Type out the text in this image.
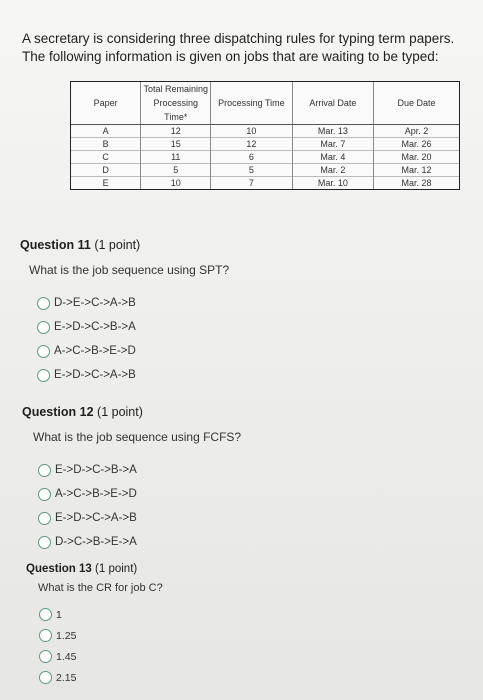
A secretary is considering three dispatching rules for typing term papers. The following information is given on jobs that are waiting to be typed:
Paper	Total Remaining Processing Time*	Processing Time	Arrival Date	Due Date
A	12	10	Mar. 13	Apr. 2
B	15	12	Mar. 7	Mar. 26
C	11	6	Mar. 4	Mar. 20
D	5	5	Mar. 2	Mar. 12
E	10	7	Mar. 10	Mar. 28
Question 11 (1 point)
What is the job sequence using SPT?
D->E->C->A->B
E->D->C->B->A
A->C->B->E->D
E->D->C->A->B
Question 12 (1 point)
What is the job sequence using FCFS?
E->D->C->B->A
A->C->B->E->D
E->D->C->A->B
D->C->B->E->A
Question 13 (1 point)
What is the CR for job C?
1
1.25
1.45
2.15
